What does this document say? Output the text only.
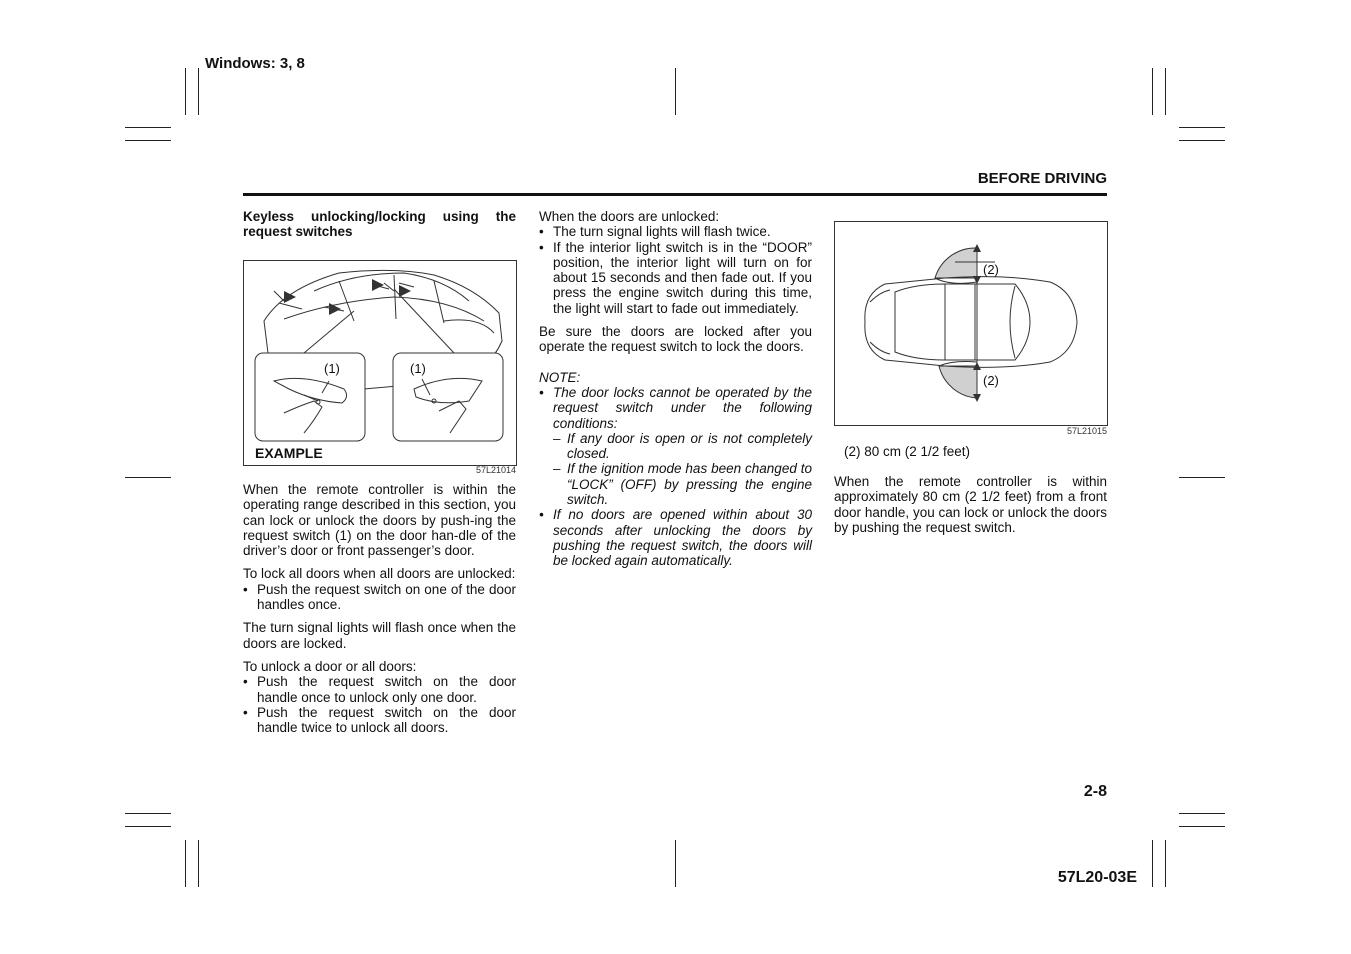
Windows: 3, 8
BEFORE DRIVING
Keyless unlocking/locking using the request switches
(1)	(1)
EXAMPLE
57L21014

When the remote controller is within the operating range described in this section, you can lock or unlock the doors by push-ing the request switch (1) on the door han-dle of the driver’s door or front passenger’s door.

To lock all doors when all doors are unlocked:

• Push the request switch on one of the door handles once.

The turn signal lights will flash once when the doors are locked.

To unlock a door or all doors:

• Push the request switch on the door handle once to unlock only one door.
• Push the request switch on the door handle twice to unlock all doors.

When the doors are unlocked:

• The turn signal lights will flash twice.
• If the interior light switch is in the “DOOR” position, the interior light will turn on for about 15 seconds and then fade out. If you press the engine switch during this time, the light will start to fade out immediately.

Be sure the doors are locked after you operate the request switch to lock the doors.

NOTE:

• The door locks cannot be operated by the request switch under the following conditions:
– If any door is open or is not completely closed.
– If the ignition mode has been changed to “LOCK” (OFF) by pressing the engine switch.
• If no doors are opened within about 30 seconds after unlocking the doors by pushing the request switch, the doors will be locked again automatically.
(2)
(2)
57L21015
(2) 80 cm (2 1/2 feet)
When the remote controller is within approximately 80 cm (2 1/2 feet) from a front door handle, you can lock or unlock the doors by pushing the request switch.
2-8
57L20-03E
